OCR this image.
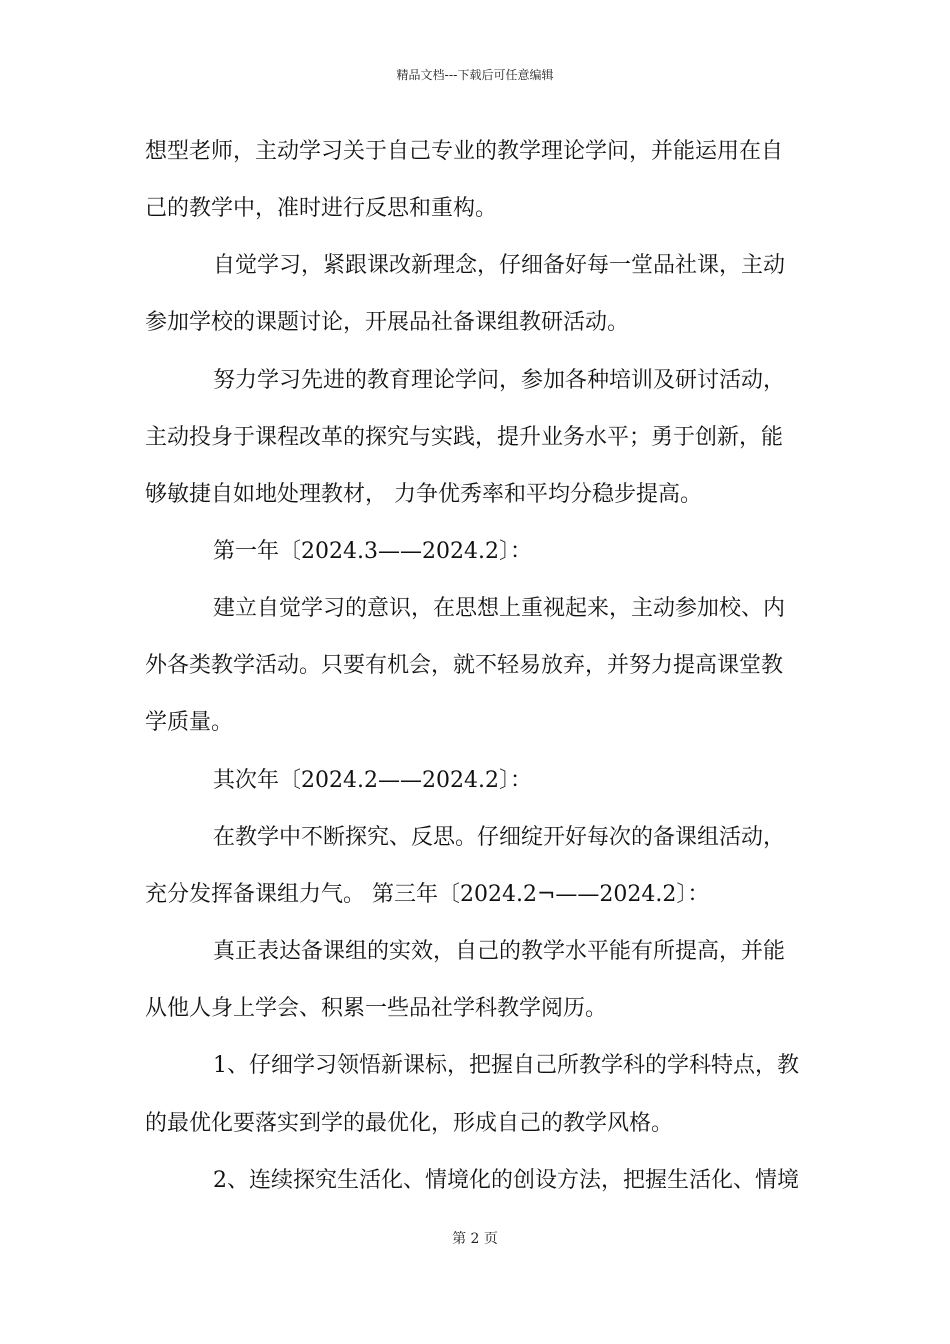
精品文档---下载后可任意编辑
想型老师，主动学习关于自己专业的教学理论学问，并能运用在自
己的教学中，准时进行反思和重构。
自觉学习，紧跟课改新理念，仔细备好每一堂品社课，主动
参加学校的课题讨论，开展品社备课组教研活动。
努力学习先进的教育理论学问，参加各种培训及研讨活动，
主动投身于课程改革的探究与实践，提升业务水平；勇于创新，能
够敏捷自如地处理教材， 力争优秀率和平均分稳步提高。
第一年〔2024.3——2024.2〕：
建立自觉学习的意识，在思想上重视起来，主动参加校、内
外各类教学活动。只要有机会，就不轻易放弃，并努力提高课堂教
学质量。
其次年〔2024.2——2024.2〕：
在教学中不断探究、反思。仔细绽开好每次的备课组活动，
充分发挥备课组力气。 第三年〔2024.2¬——2024.2〕：
真正表达备课组的实效，自己的教学水平能有所提高，并能
从他人身上学会、积累一些品社学科教学阅历。
1、仔细学习领悟新课标，把握自己所教学科的学科特点，教
的最优化要落实到学的最优化，形成自己的教学风格。
2、连续探究生活化、情境化的创设方法，把握生活化、情境
第 2 页
